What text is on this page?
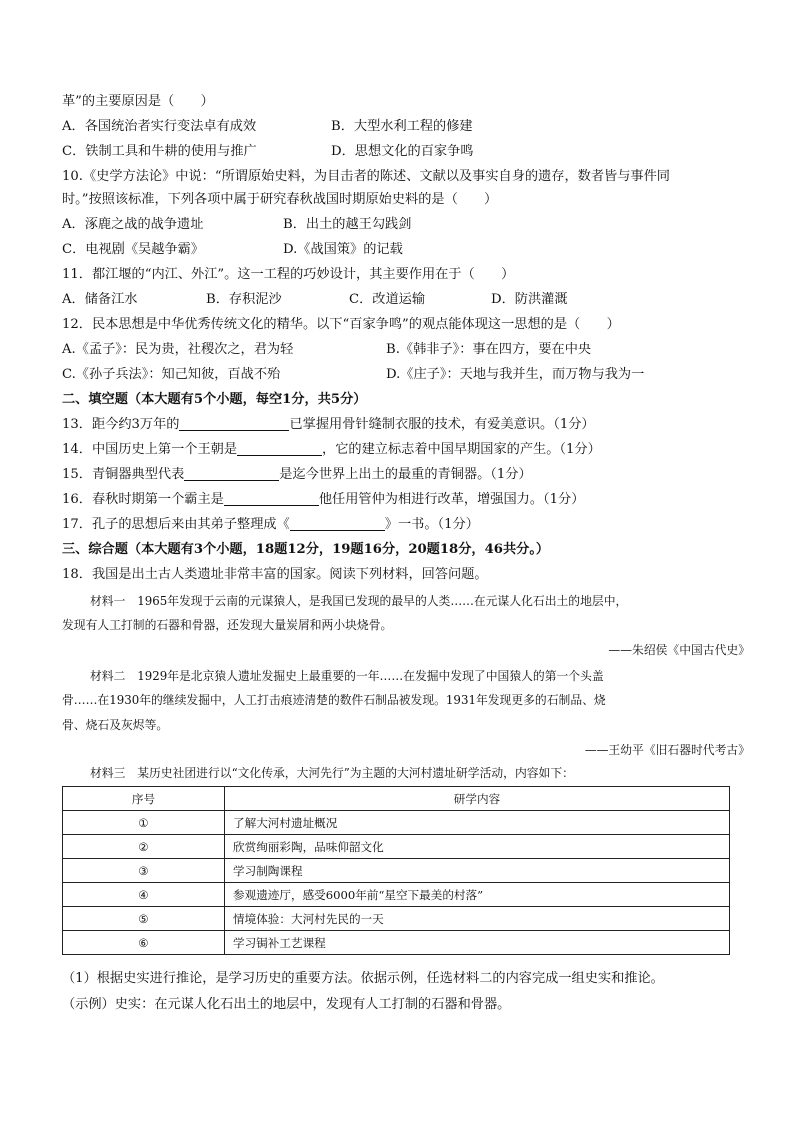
革”的主要原因是（　　）
A．各国统治者实行变法卓有成效	B．大型水利工程的修建
C．铁制工具和牛耕的使用与推广	D．思想文化的百家争鸣
10.《史学方法论》中说：“所谓原始史料，为目击者的陈述、文献以及事实自身的遗存，数者皆与事件同
时。”按照该标准，下列各项中属于研究春秋战国时期原始史料的是（　　）
A．涿鹿之战的战争遗址	B．出土的越王勾践剑
C．电视剧《吴越争霸》	D.《战国策》的记载
11．都江堰的“内江、外江”。这一工程的巧妙设计，其主要作用在于（　　）
A．储备江水	B．存积泥沙	C．改道运输	D．防洪灌溉
12．民本思想是中华优秀传统文化的精华。以下“百家争鸣”的观点能体现这一思想的是（　　）
A.《孟子》：民为贵，社稷次之，君为轻	B.《韩非子》：事在四方，要在中央
C.《孙子兵法》：知己知彼，百战不殆	D.《庄子》：天地与我并生，而万物与我为一
二、填空题（本大题有5个小题，每空1分，共5分）
13．距今约3万年的	已掌握用骨针缝制衣服的技术，有爱美意识。（1分）
14．中国历史上第一个王朝是	，它的建立标志着中国早期国家的产生。（1分）
15．青铜器典型代表	是迄今世界上出土的最重的青铜器。（1分）
16．春秋时期第一个霸主是	他任用管仲为相进行改革，增强国力。（1分）
17．孔子的思想后来由其弟子整理成《	》一书。（1分）
三、综合题（本大题有3个小题，18题12分，19题16分，20题18分，46共分。）
18．我国是出土古人类遗址非常丰富的国家。阅读下列材料，回答问题。
材料一　1965年发现于云南的元谋猿人，是我国已发现的最早的人类……在元谋人化石出土的地层中，
发现有人工打制的石器和骨器，还发现大量炭屑和两小块烧骨。
——朱绍侯《中国古代史》
材料二　1929年是北京猿人遗址发掘史上最重要的一年……在发掘中发现了中国猿人的第一个头盖
骨……在1930年的继续发掘中，人工打击痕迹清楚的数件石制品被发现。1931年发现更多的石制品、烧
骨、烧石及灰烬等。
——王幼平《旧石器时代考古》
材料三　某历史社团进行以“文化传承，大河先行”为主题的大河村遗址研学活动，内容如下：
序号	研学内容
①	了解大河村遗址概况
②	欣赏绚丽彩陶，品味仰韶文化
③	学习制陶课程
④	参观遗迹厅，感受6000年前“星空下最美的村落”
⑤	情境体验：大河村先民的一天
⑥	学习锔补工艺课程
（1）根据史实进行推论，是学习历史的重要方法。依据示例，任选材料二的内容完成一组史实和推论。
（示例）史实：在元谋人化石出土的地层中，发现有人工打制的石器和骨器。
